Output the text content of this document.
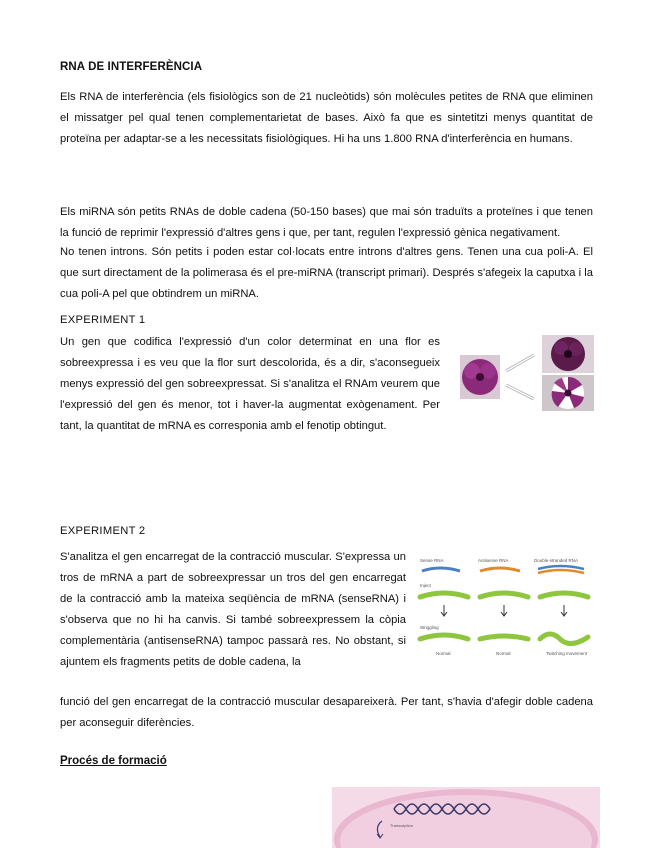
RNA DE INTERFERÈNCIA

Els RNA de interferència (els fisiològics son de 21 nucleòtids) són molècules petites de RNA que eliminen el missatger pel qual tenen complementarietat de bases. Això fa que es sintetitzi menys quantitat de proteïna per adaptar-se a les necessitats fisiològiques. Hi ha uns 1.800 RNA d'interferència en humans.

Els miRNA són petits RNAs de doble cadena (50-150 bases) que mai són traduïts a proteïnes i que tenen la funció de reprimir l'expressió d'altres gens i que, per tant, regulen l'expressió gènica negativament.

No tenen introns. Són petits i poden estar col·locats entre introns d'altres gens. Tenen una cua poli-A. El que surt directament de la polimerasa és el pre-miRNA (transcript primari). Després s'afegeix la caputxa i la cua poli-A pel que obtindrem un miRNA.

EXPERIMENT 1

Un gen que codifica l'expressió d'un color determinat en una flor es sobreexpressa i es veu que la flor surt descolorida, és a dir, s'aconsegueix menys expressió del gen sobreexpressat. Si s'analitza el RNAm veurem que l'expressió del gen és menor, tot i haver-la augmentat exògenament. Per tant, la quantitat de mRNA es corresponia amb el fenotip obtingut.

EXPERIMENT 2

S'analitza el gen encarregat de la contracció muscular. S'expressa un tros de mRNA a part de sobreexpressar un tros del gen encarregat de la contracció amb la mateixa seqüència de mRNA (senseRNA) i s'observa que no hi ha canvis. Si també sobreexpressem la còpia complementària (antisenseRNA) tampoc passarà res. No obstant, si ajuntem els fragments petits de doble cadena, la

Sense RNA	Antisense RNA	Double-stranded RNA
Inject
Wriggling
Normal	Normal	Twitching movement

funció del gen encarregat de la contracció muscular desapareixerà. Per tant, s'havia d'afegir doble cadena per aconseguir diferències.

Procés de formació
Transcription
